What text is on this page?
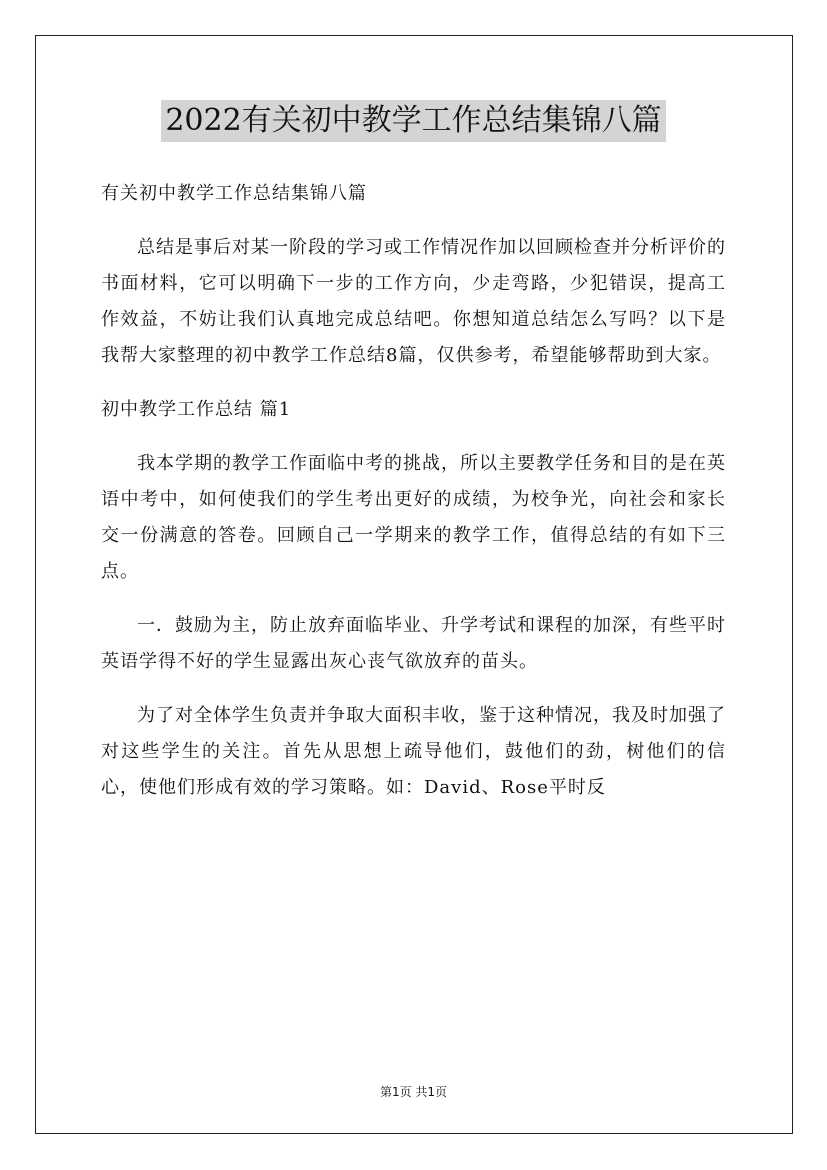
2022有关初中教学工作总结集锦八篇

有关初中教学工作总结集锦八篇

总结是事后对某一阶段的学习或工作情况作加以回顾检查并分析评价的书面材料，它可以明确下一步的工作方向，少走弯路，少犯错误，提高工作效益，不妨让我们认真地完成总结吧。你想知道总结怎么写吗？以下是我帮大家整理的初中教学工作总结8篇，仅供参考，希望能够帮助到大家。

初中教学工作总结 篇1

我本学期的教学工作面临中考的挑战，所以主要教学任务和目的是在英语中考中，如何使我们的学生考出更好的成绩，为校争光，向社会和家长交一份满意的答卷。回顾自己一学期来的教学工作，值得总结的有如下三点。

一．鼓励为主，防止放弃面临毕业、升学考试和课程的加深，有些平时英语学得不好的学生显露出灰心丧气欲放弃的苗头。

为了对全体学生负责并争取大面积丰收，鉴于这种情况，我及时加强了对这些学生的关注。首先从思想上疏导他们，鼓他们的劲，树他们的信心，使他们形成有效的学习策略。如：David、Rose平时反

第1页 共1页
